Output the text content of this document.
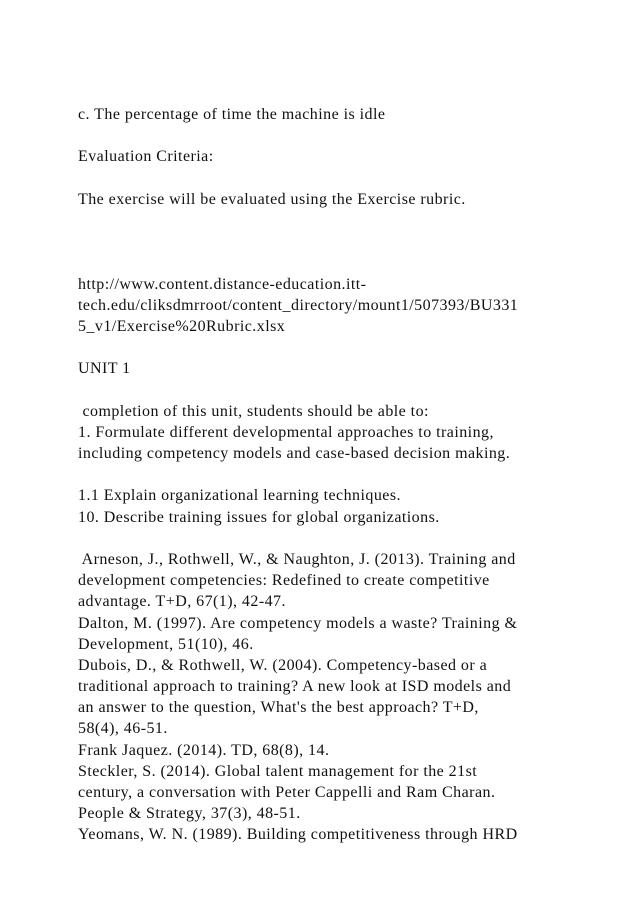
c. The percentage of time the machine is idle
Evaluation Criteria:
The exercise will be evaluated using the Exercise rubric.
http://www.content.distance-education.itt-
tech.edu/cliksdmrroot/content_directory/mount1/507393/BU331
5_v1/Exercise%20Rubric.xlsx
UNIT 1
completion of this unit, students should be able to:
1. Formulate different developmental approaches to training,
including competency models and case-based decision making.
1.1 Explain organizational learning techniques.
10. Describe training issues for global organizations.
Arneson, J., Rothwell, W., & Naughton, J. (2013). Training and
development competencies: Redefined to create competitive
advantage. T+D, 67(1), 42-47.
Dalton, M. (1997). Are competency models a waste? Training &
Development, 51(10), 46.
Dubois, D., & Rothwell, W. (2004). Competency-based or a
traditional approach to training? A new look at ISD models and
an answer to the question, What's the best approach? T+D,
58(4), 46-51.
Frank Jaquez. (2014). TD, 68(8), 14.
Steckler, S. (2014). Global talent management for the 21st
century, a conversation with Peter Cappelli and Ram Charan.
People & Strategy, 37(3), 48-51.
Yeomans, W. N. (1989). Building competitiveness through HRD
